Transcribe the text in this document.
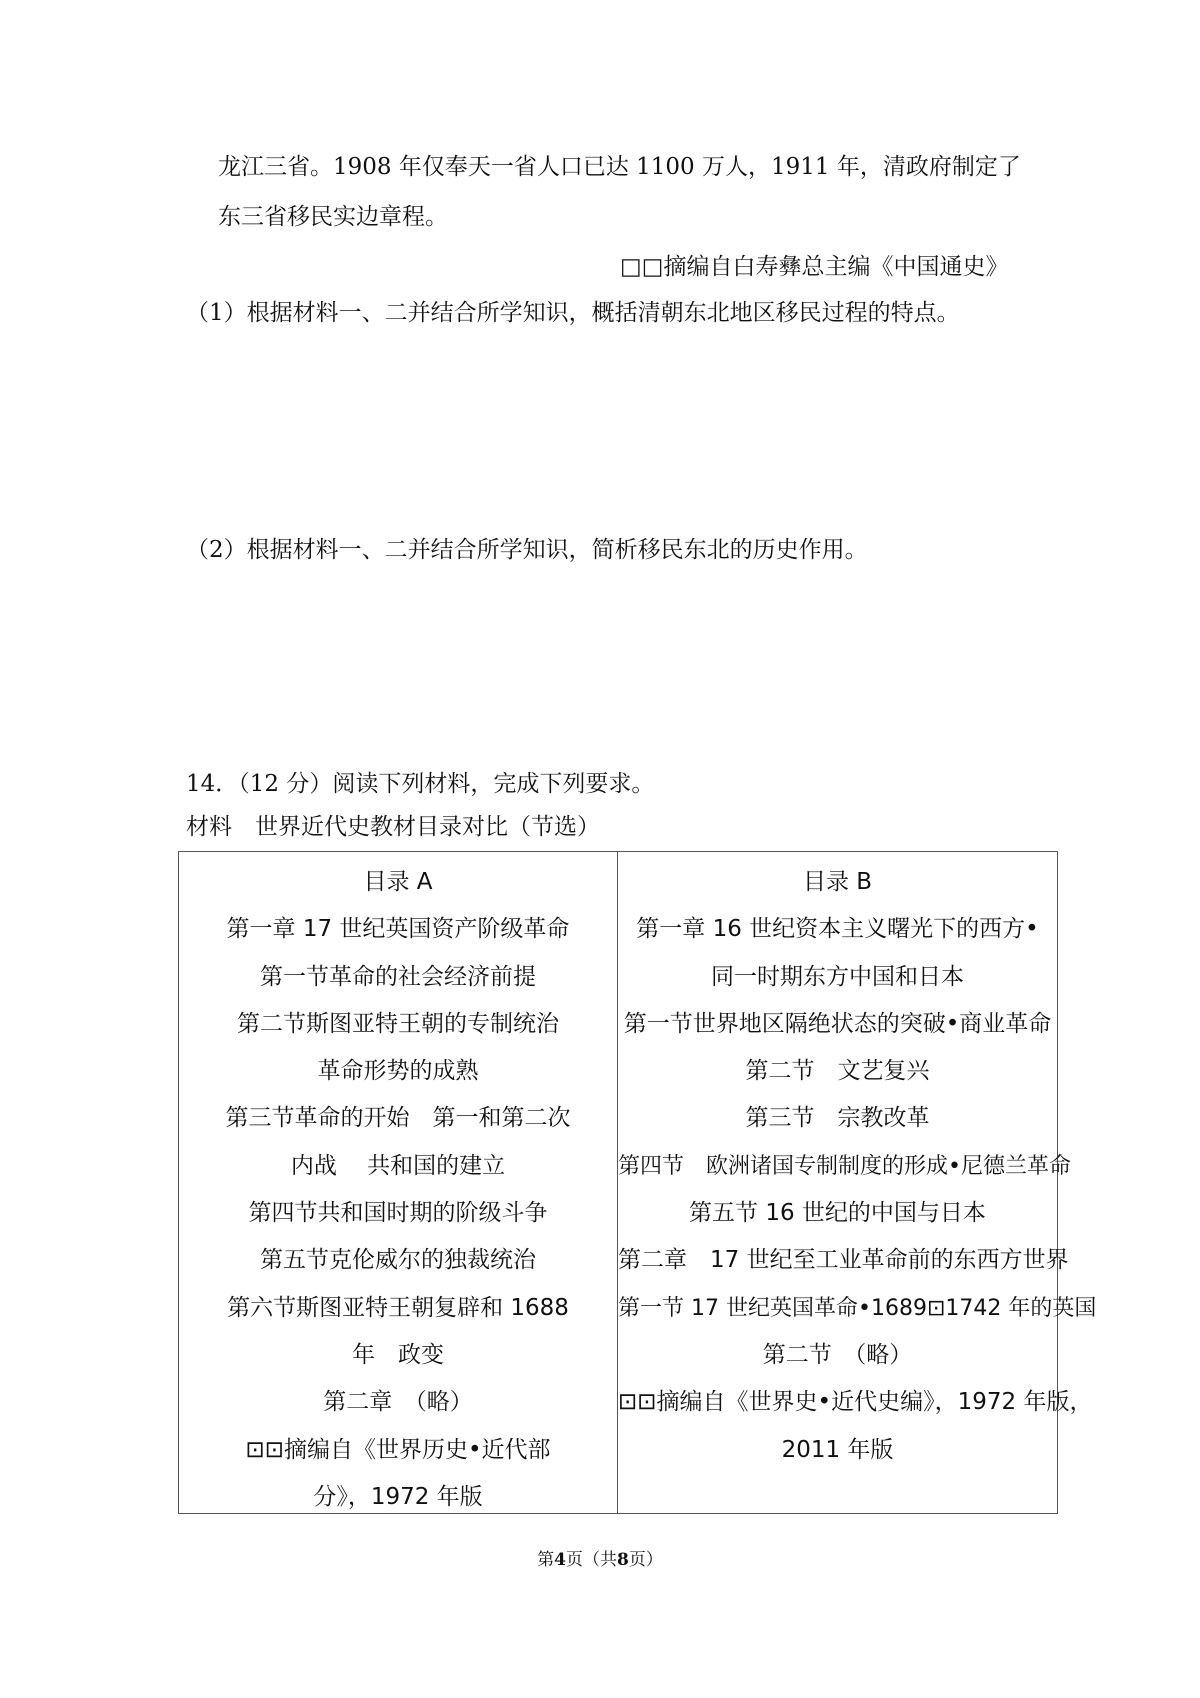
龙江三省。1908 年仅奉天一省人口已达 1100 万人，1911 年，清政府制定了
东三省移民实边章程。
□□摘编自白寿彝总主编《中国通史》
（1）根据材料一、二并结合所学知识，概括清朝东北地区移民过程的特点。
（2）根据材料一、二并结合所学知识，简析移民东北的历史作用。
14．（12 分）阅读下列材料，完成下列要求。
材料　世界近代史教材目录对比（节选）
目录 A
第一章 17 世纪英国资产阶级革命
第一节革命的社会经济前提
第二节斯图亚特王朝的专制统治
革命形势的成熟
第三节革命的开始　第一和第二次
内战　 共和国的建立
第四节共和国时期的阶级斗争
第五节克伦威尔的独裁统治
第六节斯图亚特王朝复辟和 1688
年　政变
第二章　（略）
⊡⊡摘编自《世界历史•近代部
分》，1972 年版
目录 B
第一章 16 世纪资本主义曙光下的西方•
同一时期东方中国和日本
第一节世界地区隔绝状态的突破•商业革命
第二节　文艺复兴
第三节　宗教改革
第四节　欧洲诸国专制制度的形成•尼德兰革命
第五节 16 世纪的中国与日本
第二章　17 世纪至工业革命前的东西方世界
第一节 17 世纪英国革命•1689⊡1742 年的英国
第二节　（略）
⊡⊡摘编自《世界史•近代史编》，1972 年版，
2011 年版
第4页（共8页）
